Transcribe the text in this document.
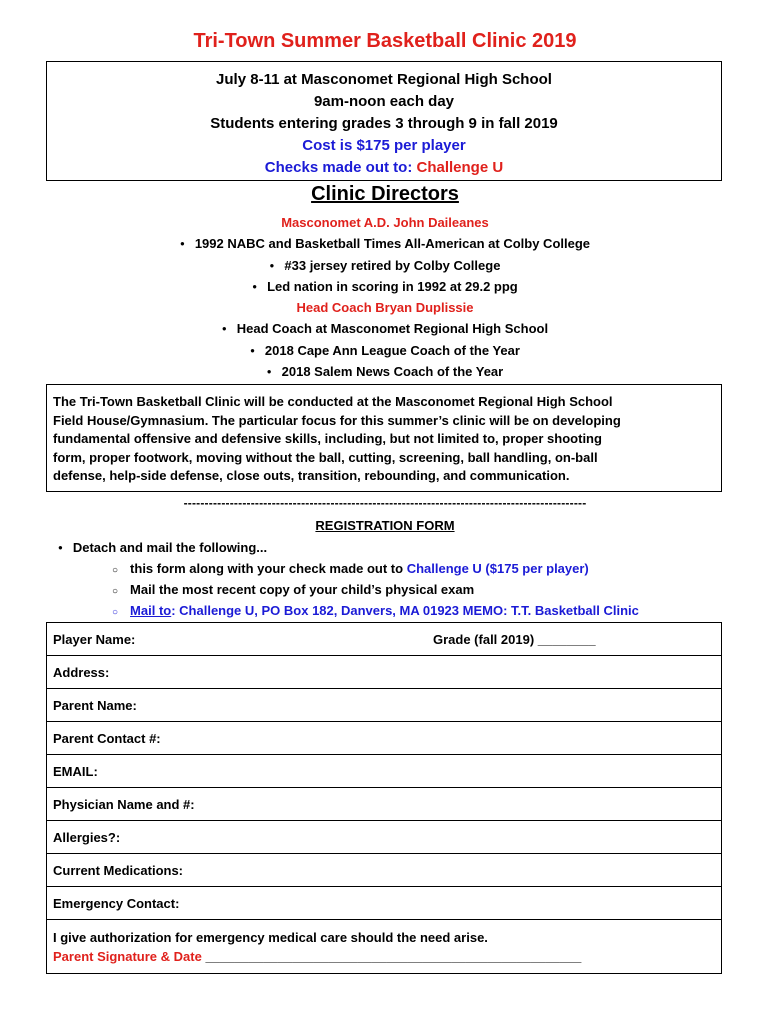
Tri-Town Summer Basketball Clinic 2019
July 8-11 at Masconomet Regional High School
9am-noon each day
Students entering grades 3 through 9 in fall 2019
Cost is $175 per player
Checks made out to: Challenge U
Clinic Directors
Masconomet A.D. John Daileanes
● 1992 NABC and Basketball Times All-American at Colby College
● #33 jersey retired by Colby College
● Led nation in scoring in 1992 at 29.2 ppg
Head Coach Bryan Duplissie
● Head Coach at Masconomet Regional High School
● 2018 Cape Ann League Coach of the Year
● 2018 Salem News Coach of the Year
The Tri-Town Basketball Clinic will be conducted at the Masconomet Regional High School
Field House/Gymnasium. The particular focus for this summer’s clinic will be on developing
fundamental offensive and defensive skills, including, but not limited to, proper shooting
form, proper footwork, moving without the ball, cutting, screening, ball handling, on-ball
defense, help-side defense, close outs, transition, rebounding, and communication.
------------------------------------------------------------------------------------------------
REGISTRATION FORM
● Detach and mail the following...
○ this form along with your check made out to Challenge U ($175 per player)
○ Mail the most recent copy of your child’s physical exam
○ Mail to: Challenge U, PO Box 182, Danvers, MA 01923 MEMO: T.T. Basketball Clinic
Player Name:	Grade (fall 2019) ________
Address:
Parent Name:
Parent Contact #:
EMAIL:
Physician Name and #:
Allergies?:
Current Medications:
Emergency Contact:
I give authorization for emergency medical care should the need arise.
Parent Signature & Date ____________________________________________________
